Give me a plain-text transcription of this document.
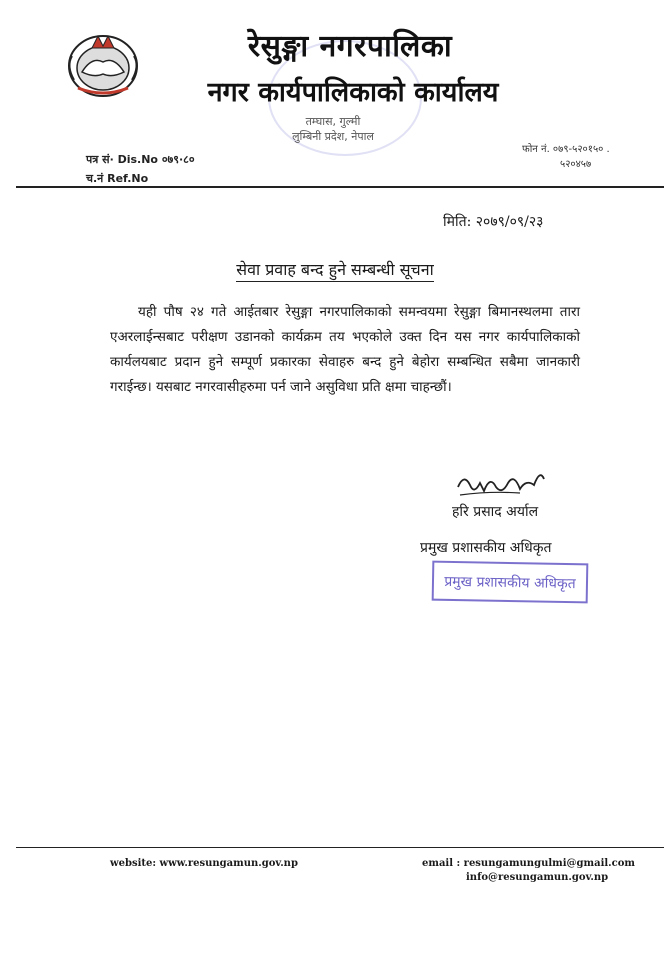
रेसुङ्गा नगरपालिका
नगर कार्यपालिकाको कार्यालय
तम्घास, गुल्मी
लुम्बिनी प्रदेश, नेपाल
पत्र सं· Dis.No ०७९·८०
च.नं Ref.No
फोन नं. ०७९-५२०१५० .
५२०४५७
मिति: २०७९/०९/२३
सेवा प्रवाह बन्द हुने सम्बन्धी सूचना

यही पौष २४ गते आईतबार रेसुङ्गा नगरपालिकाको समन्वयमा रेसुङ्गा बिमानस्थलमा तारा एअरलाईन्सबाट परीक्षण उडानको कार्यक्रम तय भएकोले उक्त दिन यस नगर कार्यपालिकाको कार्यलयबाट प्रदान हुने सम्पूर्ण प्रकारका सेवाहरु बन्द हुने बेहोरा सम्बन्धित सबैमा जानकारी गराईन्छ। यसबाट नगरवासीहरुमा पर्न जाने असुविधा प्रति क्षमा चाहन्छौं।

हरि प्रसाद अर्याल
प्रमुख प्रशासकीय अधिकृत
प्रमुख प्रशासकीय अधिकृत
website: www.resungamun.gov.np	email : resungamungulmi@gmail.com
info@resungamun.gov.np
